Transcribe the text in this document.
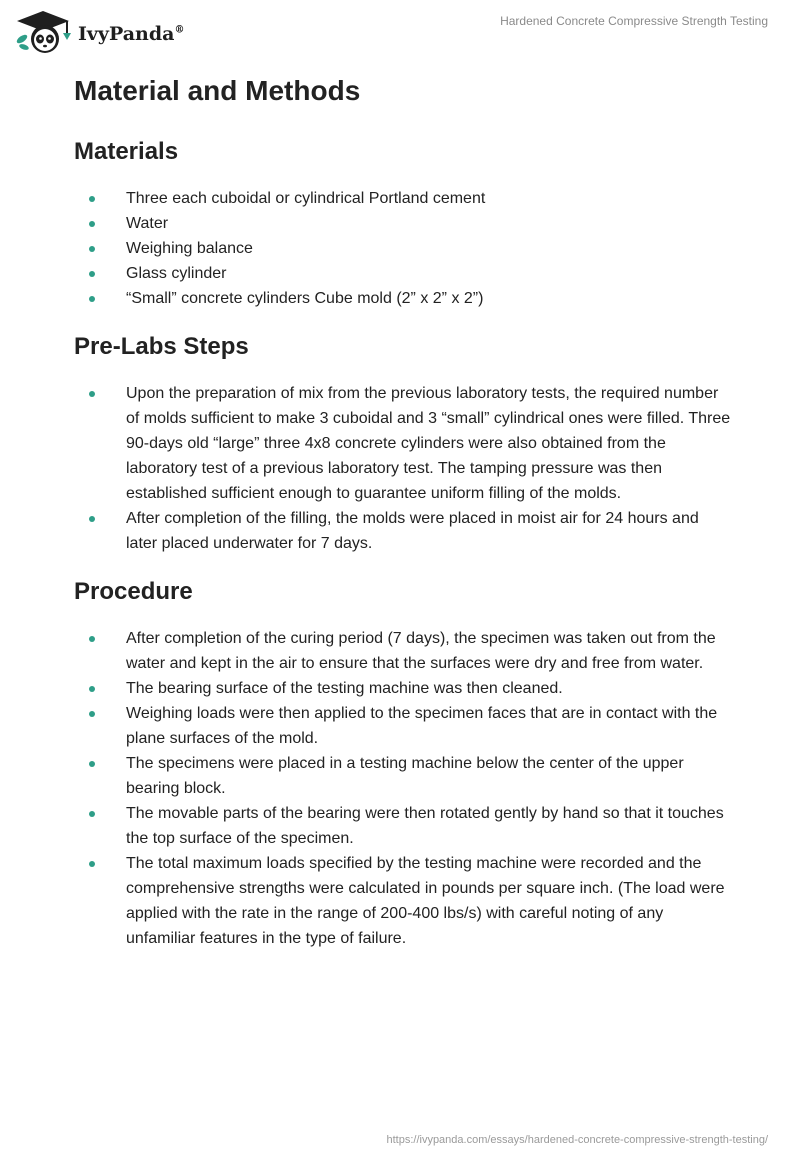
IvyPanda®
Hardened Concrete Compressive Strength Testing
Material and Methods
Materials
Three each cuboidal or cylindrical Portland cement
Water
Weighing balance
Glass cylinder
“Small” concrete cylinders Cube mold (2” x 2” x 2”)
Pre-Labs Steps
Upon the preparation of mix from the previous laboratory tests, the required number of molds sufficient to make 3 cuboidal and 3 “small” cylindrical ones were filled. Three 90-days old “large” three 4x8 concrete cylinders were also obtained from the laboratory test of a previous laboratory test. The tamping pressure was then established sufficient enough to guarantee uniform filling of the molds.
After completion of the filling, the molds were placed in moist air for 24 hours and later placed underwater for 7 days.
Procedure
After completion of the curing period (7 days), the specimen was taken out from the water and kept in the air to ensure that the surfaces were dry and free from water.
The bearing surface of the testing machine was then cleaned.
Weighing loads were then applied to the specimen faces that are in contact with the plane surfaces of the mold.
The specimens were placed in a testing machine below the center of the upper bearing block.
The movable parts of the bearing were then rotated gently by hand so that it touches the top surface of the specimen.
The total maximum loads specified by the testing machine were recorded and the comprehensive strengths were calculated in pounds per square inch. (The load were applied with the rate in the range of 200-400 lbs/s) with careful noting of any unfamiliar features in the type of failure.
https://ivypanda.com/essays/hardened-concrete-compressive-strength-testing/
